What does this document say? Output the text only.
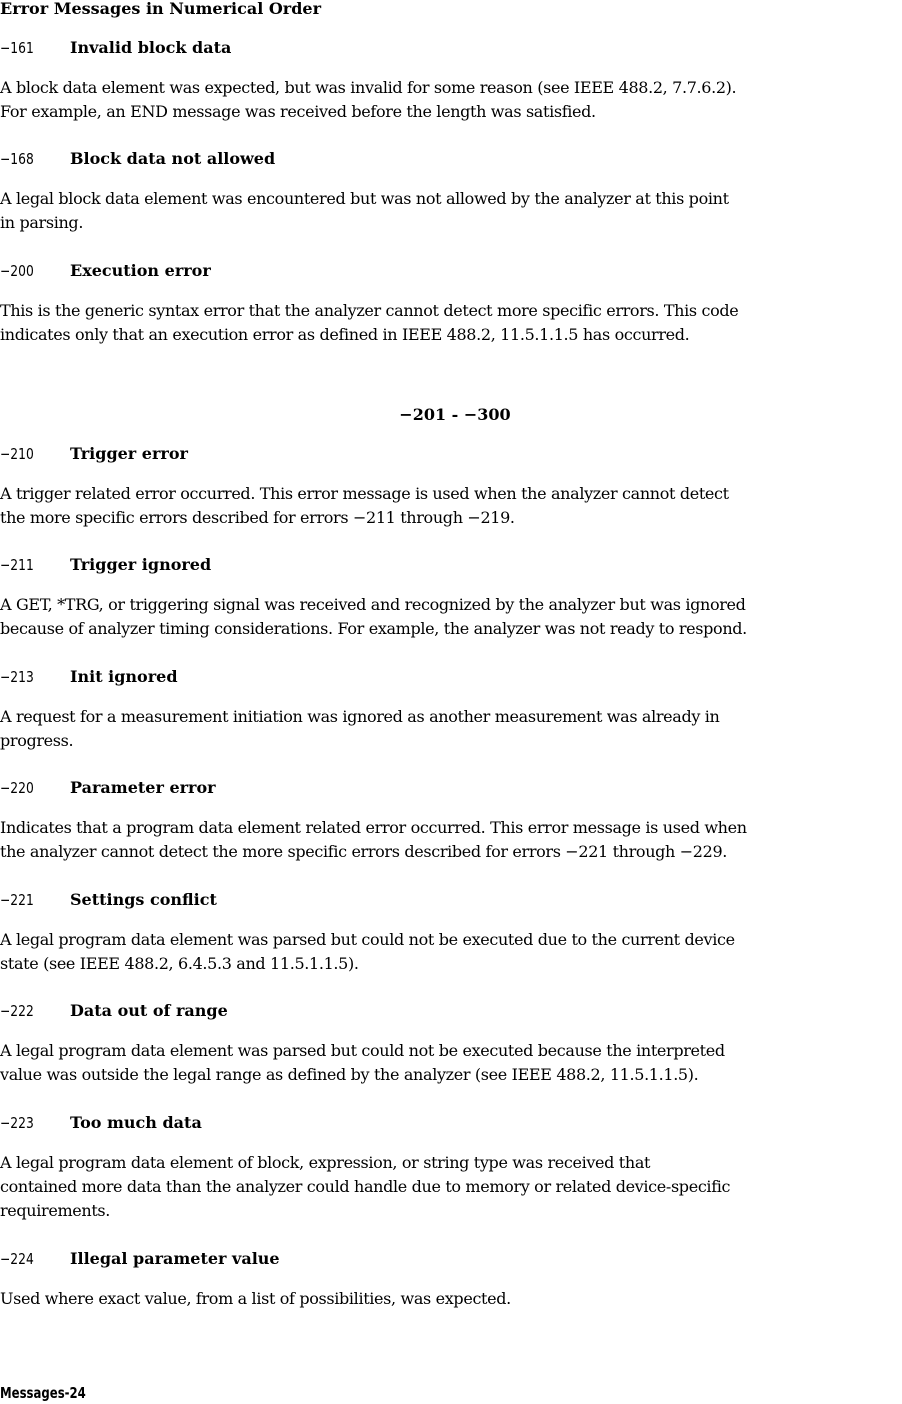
Error Messages in Numerical Order
−161 Invalid block data
A block data element was expected, but was invalid for some reason (see IEEE 488.2, 7.7.6.2).
For example, an END message was received before the length was satisfied.
−168 Block data not allowed
A legal block data element was encountered but was not allowed by the analyzer at this point
in parsing.
−200 Execution error
This is the generic syntax error that the analyzer cannot detect more specific errors. This code
indicates only that an execution error as defined in IEEE 488.2, 11.5.1.1.5 has occurred.
−201 - −300
−210 Trigger error
A trigger related error occurred. This error message is used when the analyzer cannot detect
the more specific errors described for errors −211 through −219.
−211 Trigger ignored
A GET, *TRG, or triggering signal was received and recognized by the analyzer but was ignored
because of analyzer timing considerations. For example, the analyzer was not ready to respond.
−213 Init ignored
A request for a measurement initiation was ignored as another measurement was already in
progress.
−220 Parameter error
Indicates that a program data element related error occurred. This error message is used when
the analyzer cannot detect the more specific errors described for errors −221 through −229.
−221 Settings conflict
A legal program data element was parsed but could not be executed due to the current device
state (see IEEE 488.2, 6.4.5.3 and 11.5.1.1.5).
−222 Data out of range
A legal program data element was parsed but could not be executed because the interpreted
value was outside the legal range as defined by the analyzer (see IEEE 488.2, 11.5.1.1.5).
−223 Too much data
A legal program data element of block, expression, or string type was received that
contained more data than the analyzer could handle due to memory or related device-specific
requirements.
−224 Illegal parameter value
Used where exact value, from a list of possibilities, was expected.
Messages-24
